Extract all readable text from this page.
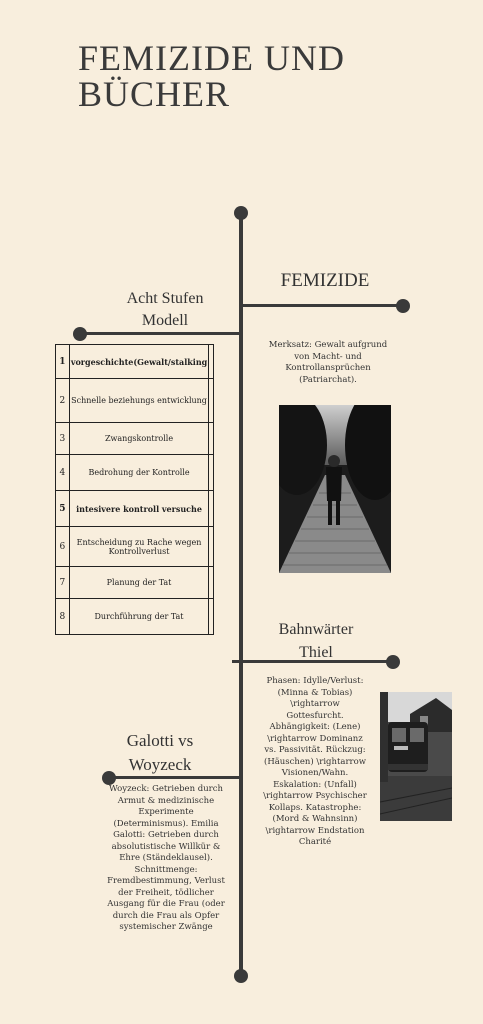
FEMIZIDE UND BÜCHER
FEMIZIDE
Merksatz: Gewalt aufgrund von Macht- und Kontrollansprüchen (Patriarchat).
Acht Stufen Modell
1	vorgeschichte(Gewalt/stalking	
2	Schnelle beziehungs entwicklung	
3	Zwangskontrolle	
4	Bedrohung der Kontrolle	
5	intesivere kontroll versuche	
6	Entscheidung zu Rache wegen Kontrollverlust	
7	Planung der Tat	
8	Durchführung der Tat	
Bahnwärter Thiel
Phasen: Idylle/Verlust: (Minna & Tobias) \rightarrow Gottesfurcht. Abhängigkeit: (Lene) \rightarrow Dominanz vs. Passivität. Rückzug: (Häuschen) \rightarrow Visionen/Wahn. Eskalation: (Unfall) \rightarrow Psychischer Kollaps. Katastrophe: (Mord & Wahnsinn) \rightarrow Endstation Charité
Galotti vs Woyzeck
Woyzeck: Getrieben durch Armut & medizinische Experimente (Determinismus). Emilia Galotti: Getrieben durch absolutistische Willkür & Ehre (Ständeklausel). Schnittmenge: Fremdbestimmung, Verlust der Freiheit, tödlicher Ausgang für die Frau (oder durch die Frau als Opfer systemischer Zwänge
